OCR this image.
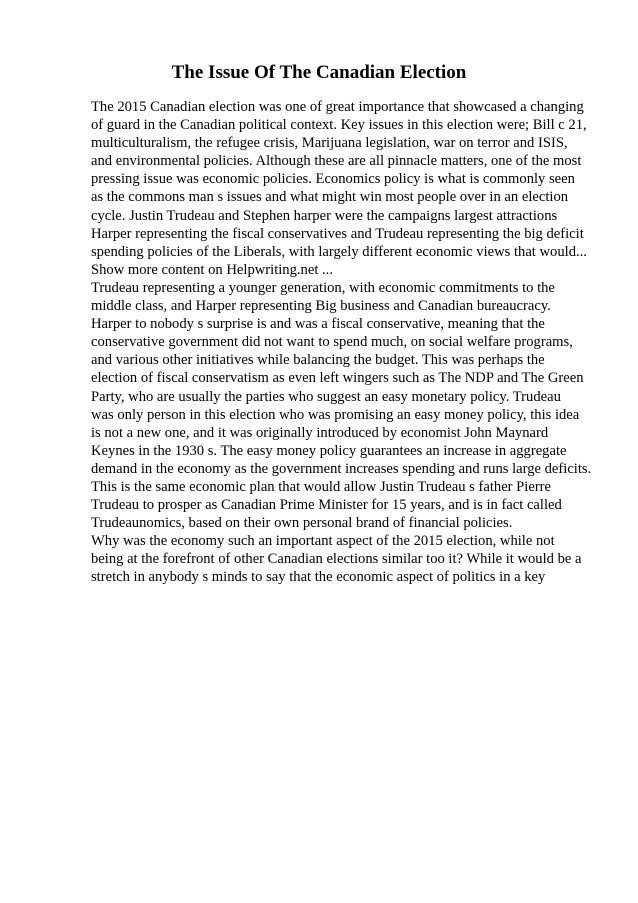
The Issue Of The Canadian Election
The 2015 Canadian election was one of great importance that showcased a changing
of guard in the Canadian political context. Key issues in this election were; Bill c 21,
multiculturalism, the refugee crisis, Marijuana legislation, war on terror and ISIS,
and environmental policies. Although these are all pinnacle matters, one of the most
pressing issue was economic policies. Economics policy is what is commonly seen
as the commons man s issues and what might win most people over in an election
cycle. Justin Trudeau and Stephen harper were the campaigns largest attractions
Harper representing the fiscal conservatives and Trudeau representing the big deficit
spending policies of the Liberals, with largely different economic views that would...
Show more content on Helpwriting.net ...
Trudeau representing a younger generation, with economic commitments to the
middle class, and Harper representing Big business and Canadian bureaucracy.
Harper to nobody s surprise is and was a fiscal conservative, meaning that the
conservative government did not want to spend much, on social welfare programs,
and various other initiatives while balancing the budget. This was perhaps the
election of fiscal conservatism as even left wingers such as The NDP and The Green
Party, who are usually the parties who suggest an easy monetary policy. Trudeau
was only person in this election who was promising an easy money policy, this idea
is not a new one, and it was originally introduced by economist John Maynard
Keynes in the 1930 s. The easy money policy guarantees an increase in aggregate
demand in the economy as the government increases spending and runs large deficits.
This is the same economic plan that would allow Justin Trudeau s father Pierre
Trudeau to prosper as Canadian Prime Minister for 15 years, and is in fact called
Trudeaunomics, based on their own personal brand of financial policies.
Why was the economy such an important aspect of the 2015 election, while not
being at the forefront of other Canadian elections similar too it? While it would be a
stretch in anybody s minds to say that the economic aspect of politics in a key
